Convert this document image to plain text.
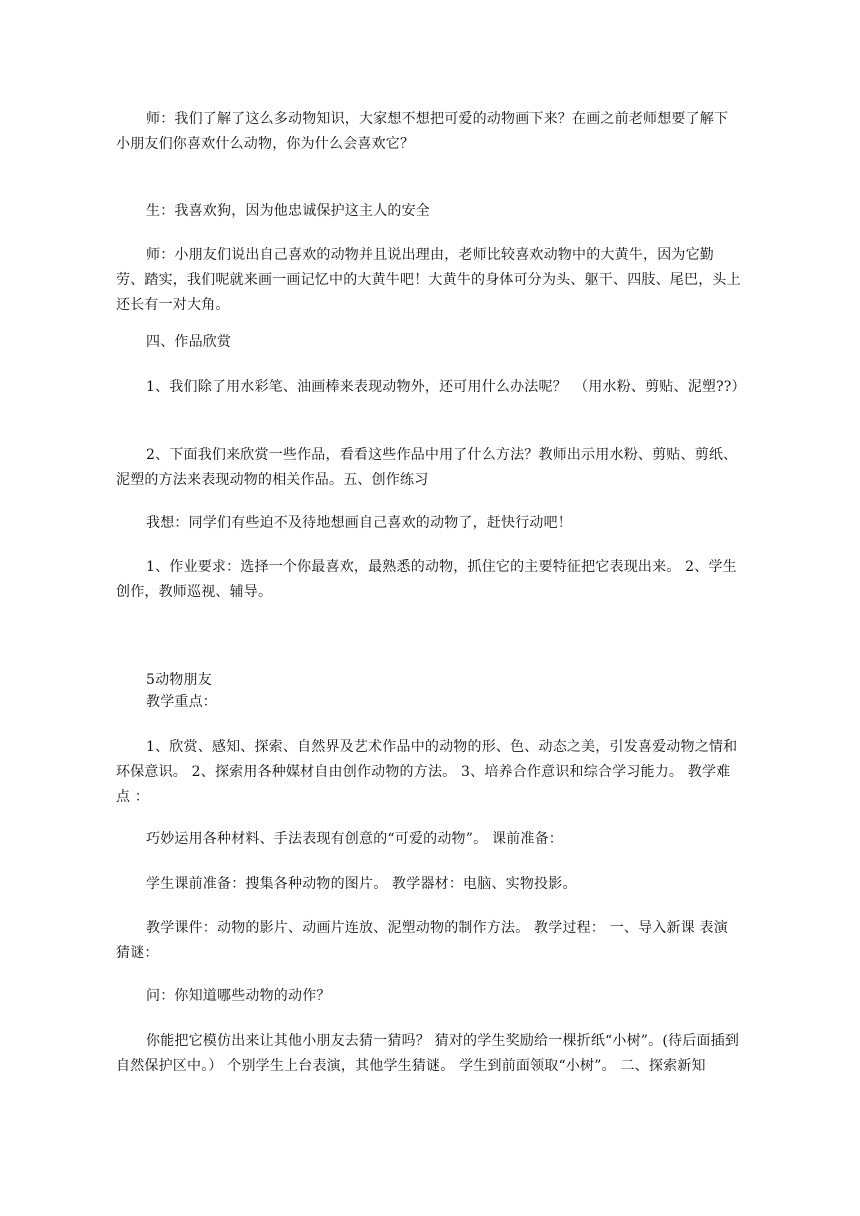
师：我们了解了这么多动物知识，大家想不想把可爱的动物画下来？在画之前老师想要了解下小朋友们你喜欢什么动物，你为什么会喜欢它？

生：我喜欢狗，因为他忠诚保护这主人的安全

师：小朋友们说出自己喜欢的动物并且说出理由，老师比较喜欢动物中的大黄牛，因为它勤劳、踏实，我们呢就来画一画记忆中的大黄牛吧！大黄牛的身体可分为头、躯干、四肢、尾巴，头上还长有一对大角。

四、作品欣赏

1、我们除了用水彩笔、油画棒来表现动物外，还可用什么办法呢？　（用水粉、剪贴、泥塑??）

2、下面我们来欣赏一些作品，看看这些作品中用了什么方法？教师出示用水粉、剪贴、剪纸、泥塑的方法来表现动物的相关作品。五、创作练习

我想：同学们有些迫不及待地想画自己喜欢的动物了，赶快行动吧！

1、作业要求：选择一个你最喜欢，最熟悉的动物，抓住它的主要特征把它表现出来。 2、学生创作，教师巡视、辅导。

5动物朋友

教学重点：

1、欣赏、感知、探索、自然界及艺术作品中的动物的形、色、动态之美，引发喜爱动物之情和环保意识。 2、探索用各种媒材自由创作动物的方法。 3、培养合作意识和综合学习能力。 教学难点 ：

巧妙运用各种材料、手法表现有创意的“可爱的动物”。 课前准备：

学生课前准备：搜集各种动物的图片。 教学器材：电脑、实物投影。

教学课件：动物的影片、动画片连放、泥塑动物的制作方法。 教学过程： 一、导入新课 表演猜谜：

问：你知道哪些动物的动作？

你能把它模仿出来让其他小朋友去猜一猜吗？ 猜对的学生奖励给一棵折纸“小树”。(待后面插到自然保护区中。） 个别学生上台表演，其他学生猜谜。 学生到前面领取“小树”。 二、探索新知
